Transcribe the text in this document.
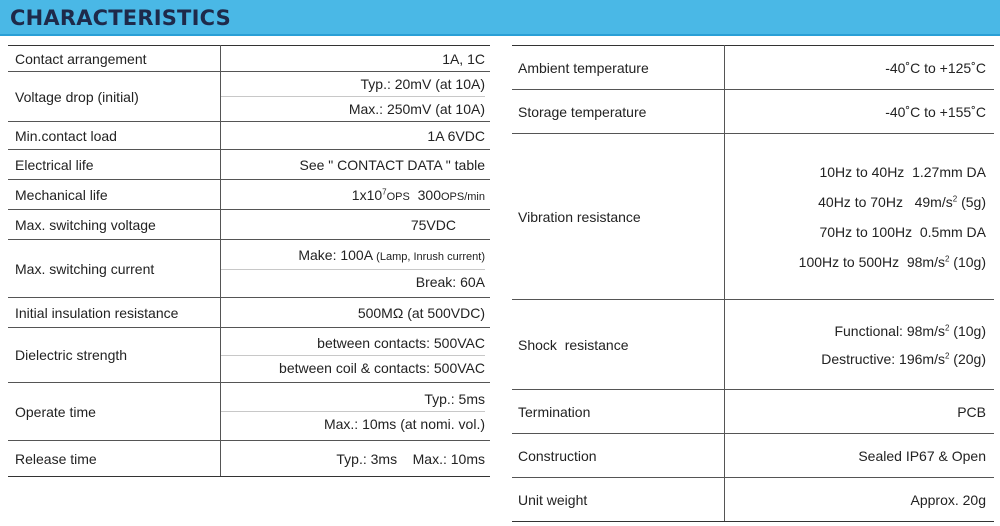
CHARACTERISTICS
Contact arrangement	1A, 1C
Voltage drop (initial)	Typ.: 20mV (at 10A)
Max.: 250mV (at 10A)

Min.contact load	1A 6VDC
Electrical life	See " CONTACT DATA " table
Mechanical life	$1x10^7OPS$ 300OPS/min
Max. switching voltage	75VDC
Max. switching current	Make: 100A (Lamp, Inrush current)
Break: 60A

Initial insulation resistance	500MΩ (at 500VDC)
Dielectric strength	between contacts: 500VAC
between coil & contacts: 500VAC

Operate time	Typ.: 5ms
Max.: 10ms (at nomi. vol.)

Release time	Typ.: 3ms    Max.: 10ms
Ambient temperature	-40˚C to +125˚C
Storage temperature	-40˚C to +155˚C
Vibration resistance	10Hz to 40Hz  1.27mm DA
40Hz to 70Hz   $49m/s^2$ (5g)
70Hz to 100Hz  0.5mm DA
100Hz to 500Hz  $98m/s^2$ (10g)

Shock  resistance	Functional: $98m/s^2$ (10g)
Destructive: $196m/s^2$ (20g)

Termination	PCB
Construction	Sealed IP67 & Open
Unit weight	Approx. 20g
